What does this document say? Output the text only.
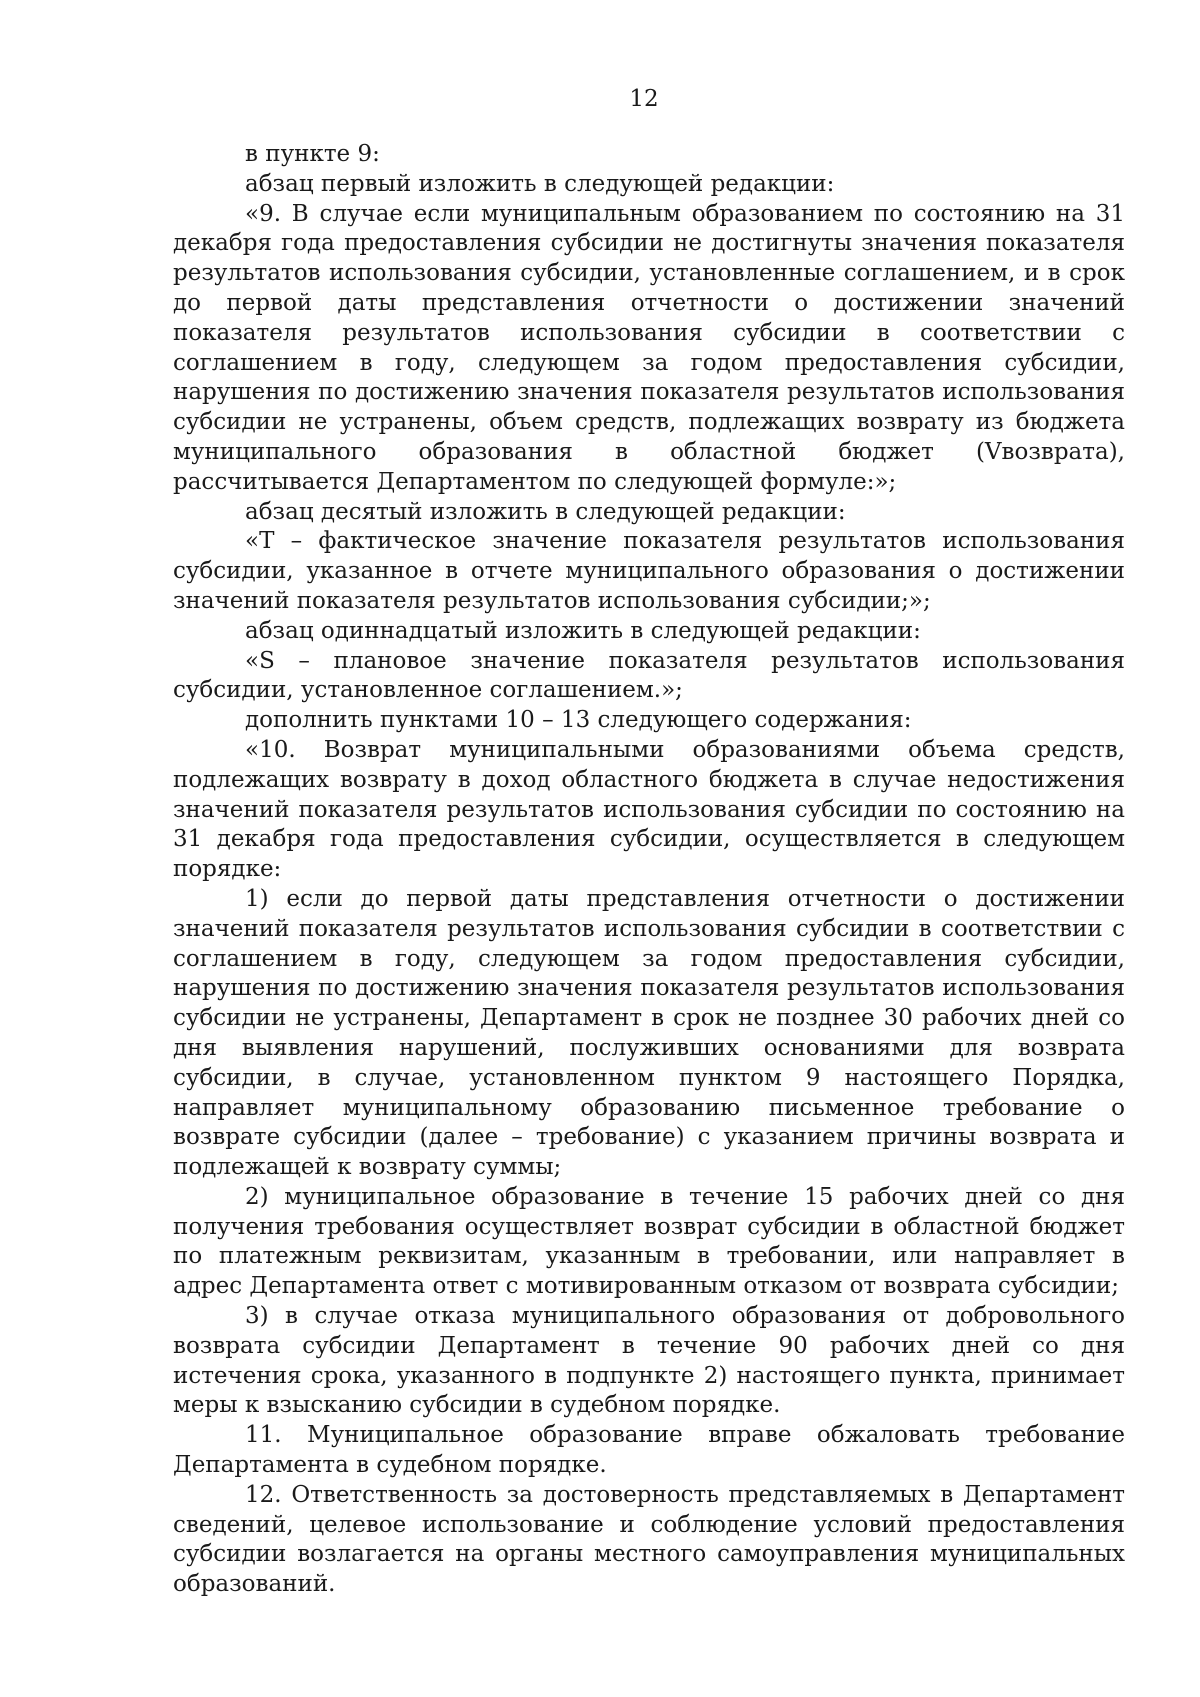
12

в пункте 9:

абзац первый изложить в следующей редакции:

«9. В случае если муниципальным образованием по состоянию на 31 декабря года предоставления субсидии не достигнуты значения показателя результатов использования субсидии, установленные соглашением, и в срок до первой даты представления отчетности о достижении значений показателя результатов использования субсидии в соответствии с соглашением в году, следующем за годом предоставления субсидии, нарушения по достижению значения показателя результатов использования субсидии не устранены, объем средств, подлежащих возврату из бюджета муниципального образования в областной бюджет (Vвозврата), рассчитывается Департаментом по следующей формуле:»;

абзац десятый изложить в следующей редакции:

«T – фактическое значение показателя результатов использования субсидии, указанное в отчете муниципального образования о достижении значений показателя результатов использования субсидии;»;

абзац одиннадцатый изложить в следующей редакции:

«S – плановое значение показателя результатов использования субсидии, установленное соглашением.»;

дополнить пунктами 10 – 13 следующего содержания:

«10. Возврат муниципальными образованиями объема средств, подлежащих возврату в доход областного бюджета в случае недостижения значений показателя результатов использования субсидии по состоянию на 31 декабря года предоставления субсидии, осуществляется в следующем порядке:

1) если до первой даты представления отчетности о достижении значений показателя результатов использования субсидии в соответствии с соглашением в году, следующем за годом предоставления субсидии, нарушения по достижению значения показателя результатов использования субсидии не устранены, Департамент в срок не позднее 30 рабочих дней со дня выявления нарушений, послуживших основаниями для возврата субсидии, в случае, установленном пунктом 9 настоящего Порядка, направляет муниципальному образованию письменное требование о возврате субсидии (далее – требование) с указанием причины возврата и подлежащей к возврату суммы;

2) муниципальное образование в течение 15 рабочих дней со дня получения требования осуществляет возврат субсидии в областной бюджет по платежным реквизитам, указанным в требовании, или направляет в адрес Департамента ответ с мотивированным отказом от возврата субсидии;

3) в случае отказа муниципального образования от добровольного возврата субсидии Департамент в течение 90 рабочих дней со дня истечения срока, указанного в подпункте 2) настоящего пункта, принимает меры к взысканию субсидии в судебном порядке.

11. Муниципальное образование вправе обжаловать требование Департамента в судебном порядке.

12. Ответственность за достоверность представляемых в Департамент сведений, целевое использование и соблюдение условий предоставления субсидии возлагается на органы местного самоуправления муниципальных образований.
